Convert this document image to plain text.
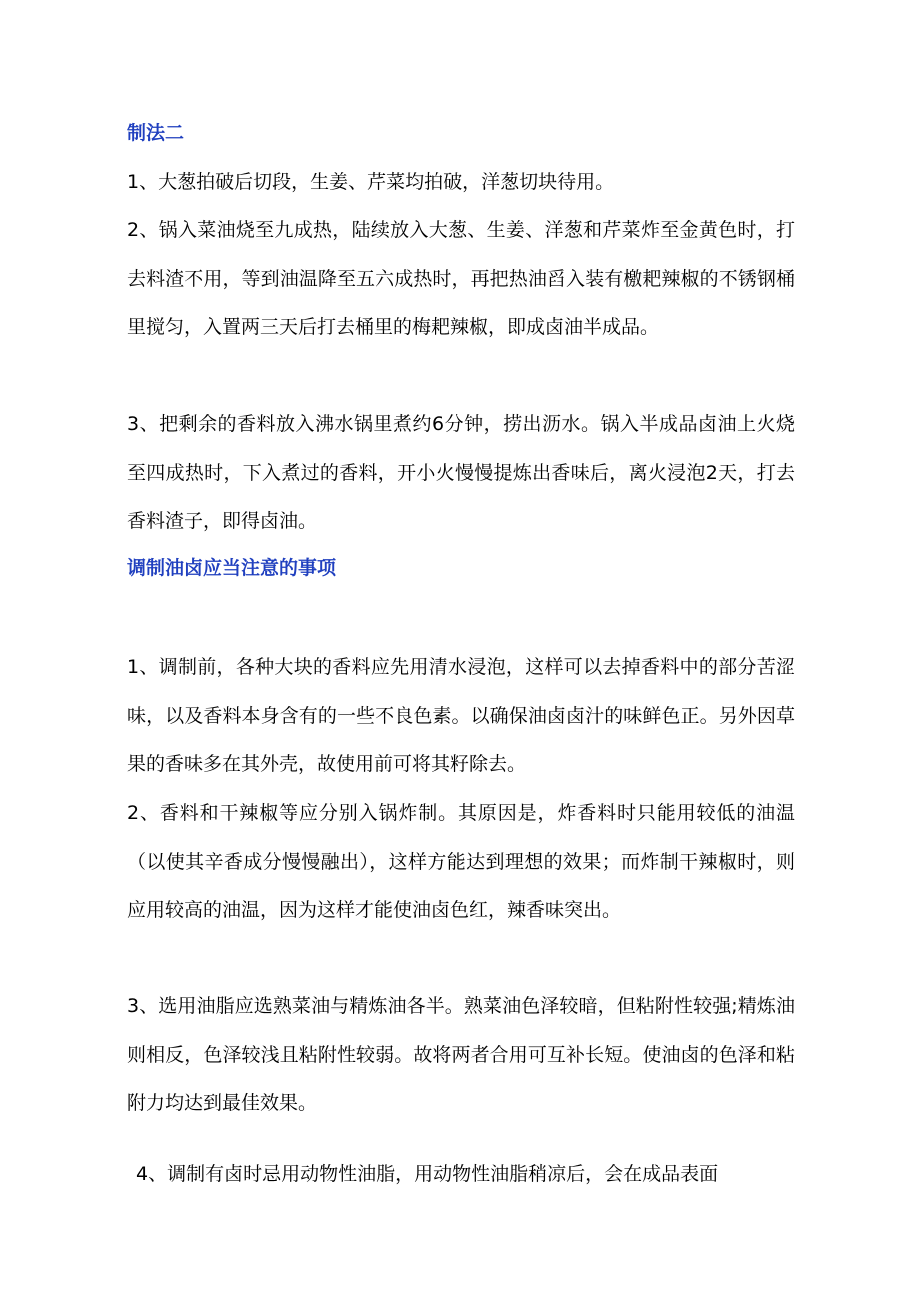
制法二
1、大葱拍破后切段，生姜、芹菜均拍破，洋葱切块待用。
2、锅入菜油烧至九成热，陆续放入大葱、生姜、洋葱和芹菜炸至金黄色时，打去料渣不用，等到油温降至五六成热时，再把热油舀入装有檄耙辣椒的不锈钢桶里搅匀，入置两三天后打去桶里的梅耙辣椒，即成卤油半成品。
3、把剩余的香料放入沸水锅里煮约6分钟，捞出沥水。锅入半成品卤油上火烧至四成热时，下入煮过的香料，开小火慢慢提炼出香味后，离火浸泡2天，打去香料渣子，即得卤油。
调制油卤应当注意的事项
1、调制前，各种大块的香料应先用清水浸泡，这样可以去掉香料中的部分苦涩味，以及香料本身含有的一些不良色素。以确保油卤卤汁的味鲜色正。另外因草果的香味多在其外壳，故使用前可将其籽除去。
2、香料和干辣椒等应分别入锅炸制。其原因是，炸香料时只能用较低的油温（以使其辛香成分慢慢融出），这样方能达到理想的效果；而炸制干辣椒时，则应用较高的油温，因为这样才能使油卤色红，辣香味突出。
3、选用油脂应选熟菜油与精炼油各半。熟菜油色泽较暗，但粘附性较强;精炼油则相反，色泽较浅且粘附性较弱。故将两者合用可互补长短。使油卤的色泽和粘附力均达到最佳效果。
4、调制有卤时忌用动物性油脂，用动物性油脂稍凉后，会在成品表面
